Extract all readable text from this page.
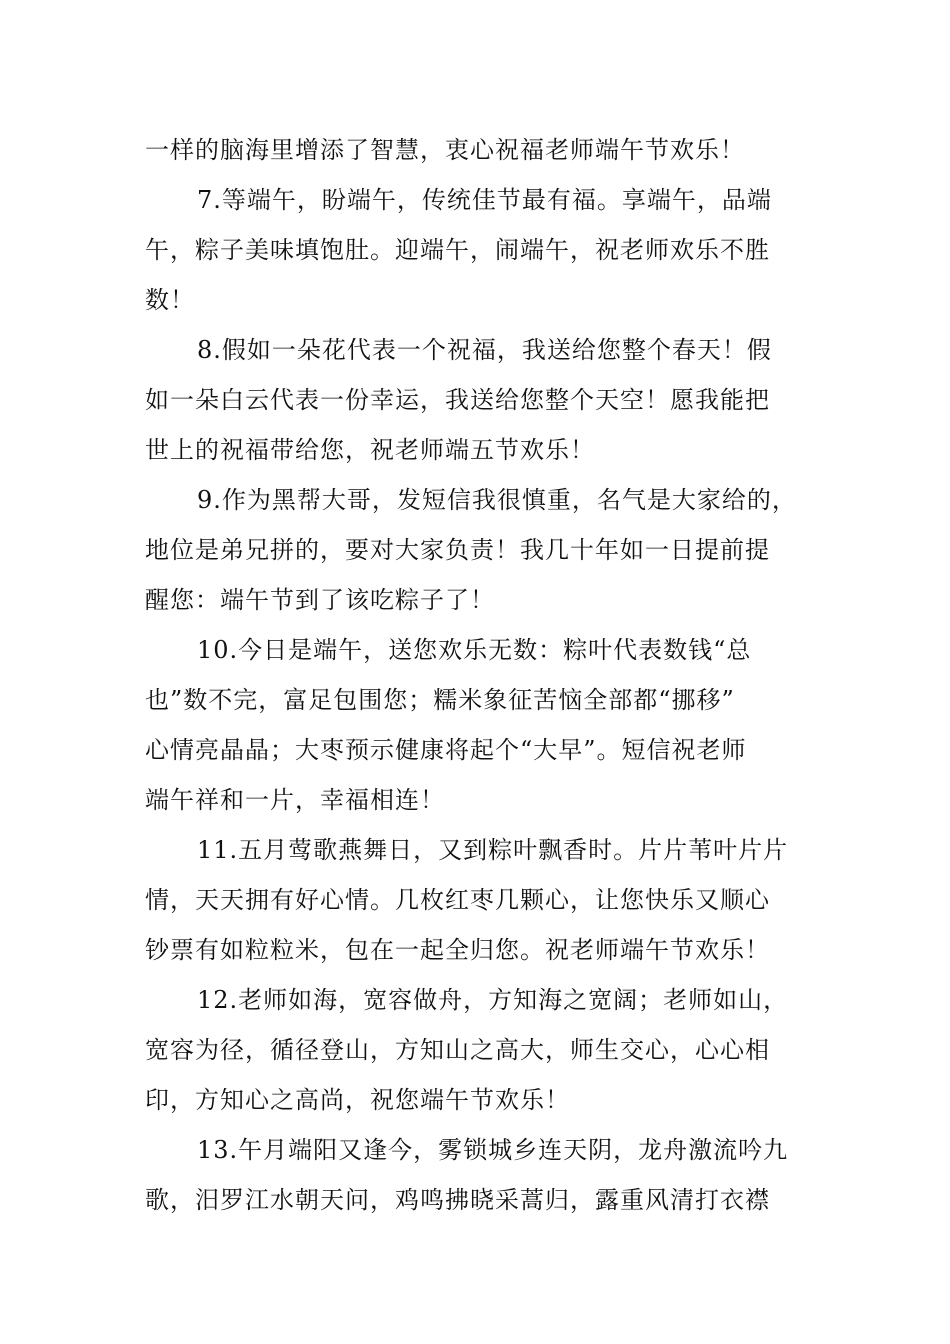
一样的脑海里增添了智慧，衷心祝福老师端午节欢乐！
7.等端午，盼端午，传统佳节最有福。享端午，品端
午，粽子美味填饱肚。迎端午，闹端午，祝老师欢乐不胜
数！
8.假如一朵花代表一个祝福，我送给您整个春天！假
如一朵白云代表一份幸运，我送给您整个天空！愿我能把
世上的祝福带给您，祝老师端五节欢乐！
9.作为黑帮大哥，发短信我很慎重，名气是大家给的，
地位是弟兄拼的，要对大家负责！我几十年如一日提前提
醒您：端午节到了该吃粽子了！
10.今日是端午，送您欢乐无数：粽叶代表数钱“总
也”数不完，富足包围您；糯米象征苦恼全部都“挪移”
心情亮晶晶；大枣预示健康将起个“大早”。短信祝老师
端午祥和一片，幸福相连！
11.五月莺歌燕舞日，又到粽叶飘香时。片片苇叶片片
情，天天拥有好心情。几枚红枣几颗心，让您快乐又顺心
钞票有如粒粒米，包在一起全归您。祝老师端午节欢乐！
12.老师如海，宽容做舟，方知海之宽阔；老师如山，
宽容为径，循径登山，方知山之高大，师生交心，心心相
印，方知心之高尚，祝您端午节欢乐！
13.午月端阳又逢今，雾锁城乡连天阴，龙舟激流吟九
歌，汨罗江水朝天问，鸡鸣拂晓采蒿归，露重风清打衣襟
